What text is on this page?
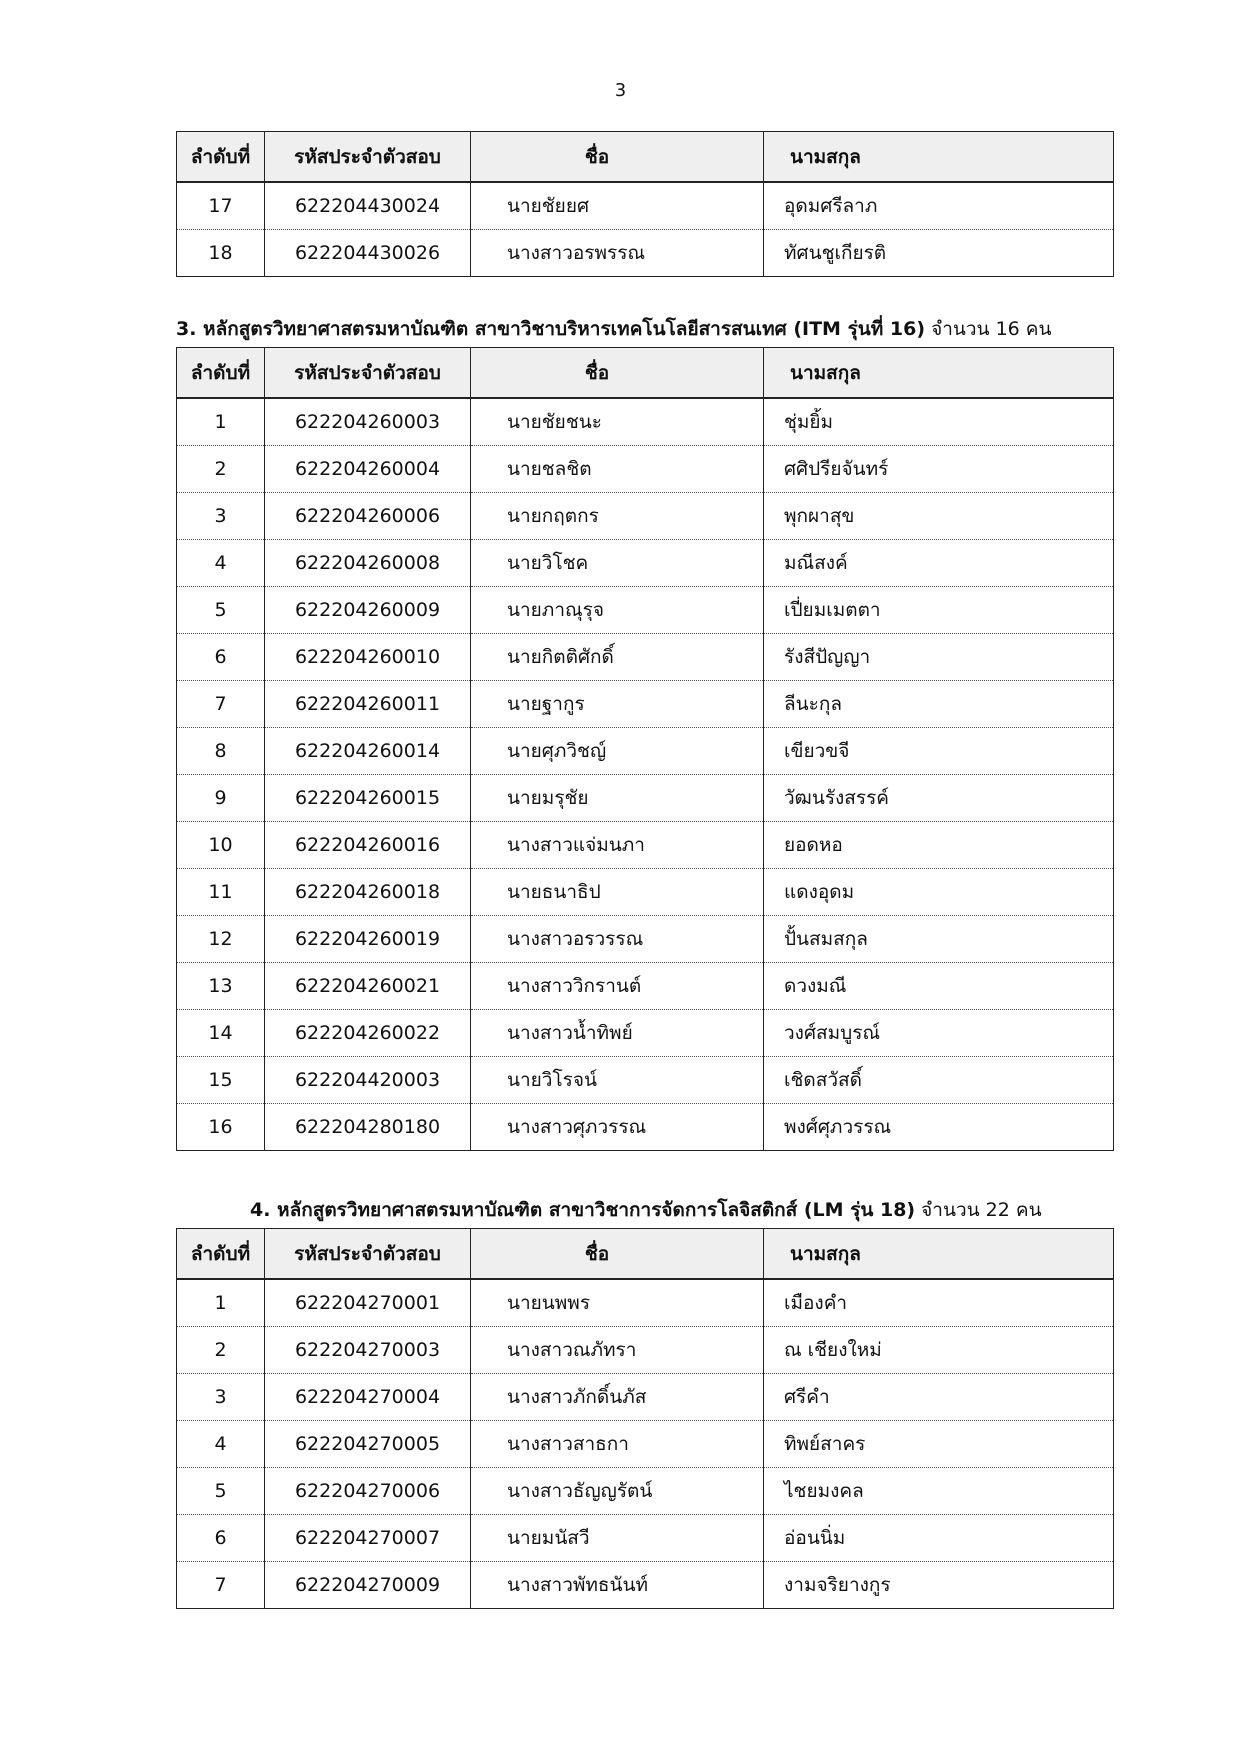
3
ลำดับที่	รหัสประจำตัวสอบ	ชื่อ	นามสกุล
17	622204430024	นายชัยยศ	อุดมศรีลาภ
18	622204430026	นางสาวอรพรรณ	ทัศนชูเกียรติ
3. หลักสูตรวิทยาศาสตรมหาบัณฑิต สาขาวิชาบริหารเทคโนโลยีสารสนเทศ (ITM รุ่นที่ 16) จำนวน 16 คน
ลำดับที่	รหัสประจำตัวสอบ	ชื่อ	นามสกุล
1	622204260003	นายชัยชนะ	ชุ่มยิ้ม
2	622204260004	นายชลชิต	ศศิปรียจันทร์
3	622204260006	นายกฤตกร	พุกผาสุข
4	622204260008	นายวิโชค	มณีสงค์
5	622204260009	นายภาณุรุจ	เปี่ยมเมตตา
6	622204260010	นายกิตติศักดิ์	รังสีปัญญา
7	622204260011	นายฐากูร	ลีนะกุล
8	622204260014	นายศุภวิชญ์	เขียวขจี
9	622204260015	นายมรุชัย	วัฒนรังสรรค์
10	622204260016	นางสาวแจ่มนภา	ยอดหอ
11	622204260018	นายธนาธิป	แดงอุดม
12	622204260019	นางสาวอรวรรณ	ปั้นสมสกุล
13	622204260021	นางสาววิกรานต์	ดวงมณี
14	622204260022	นางสาวน้ำทิพย์	วงศ์สมบูรณ์
15	622204420003	นายวิโรจน์	เชิดสวัสดิ์
16	622204280180	นางสาวศุภวรรณ	พงศ์ศุภวรรณ
4. หลักสูตรวิทยาศาสตรมหาบัณฑิต สาขาวิชาการจัดการโลจิสติกส์ (LM รุ่น 18) จำนวน 22 คน
ลำดับที่	รหัสประจำตัวสอบ	ชื่อ	นามสกุล
1	622204270001	นายนพพร	เมืองคำ
2	622204270003	นางสาวณภัทรา	ณ เชียงใหม่
3	622204270004	นางสาวภักดิ์นภัส	ศรีคำ
4	622204270005	นางสาวสาธกา	ทิพย์สาคร
5	622204270006	นางสาวธัญญรัตน์	ไชยมงคล
6	622204270007	นายมนัสวี	อ่อนนิ่ม
7	622204270009	นางสาวพัทธนันท์	งามจริยางกูร
